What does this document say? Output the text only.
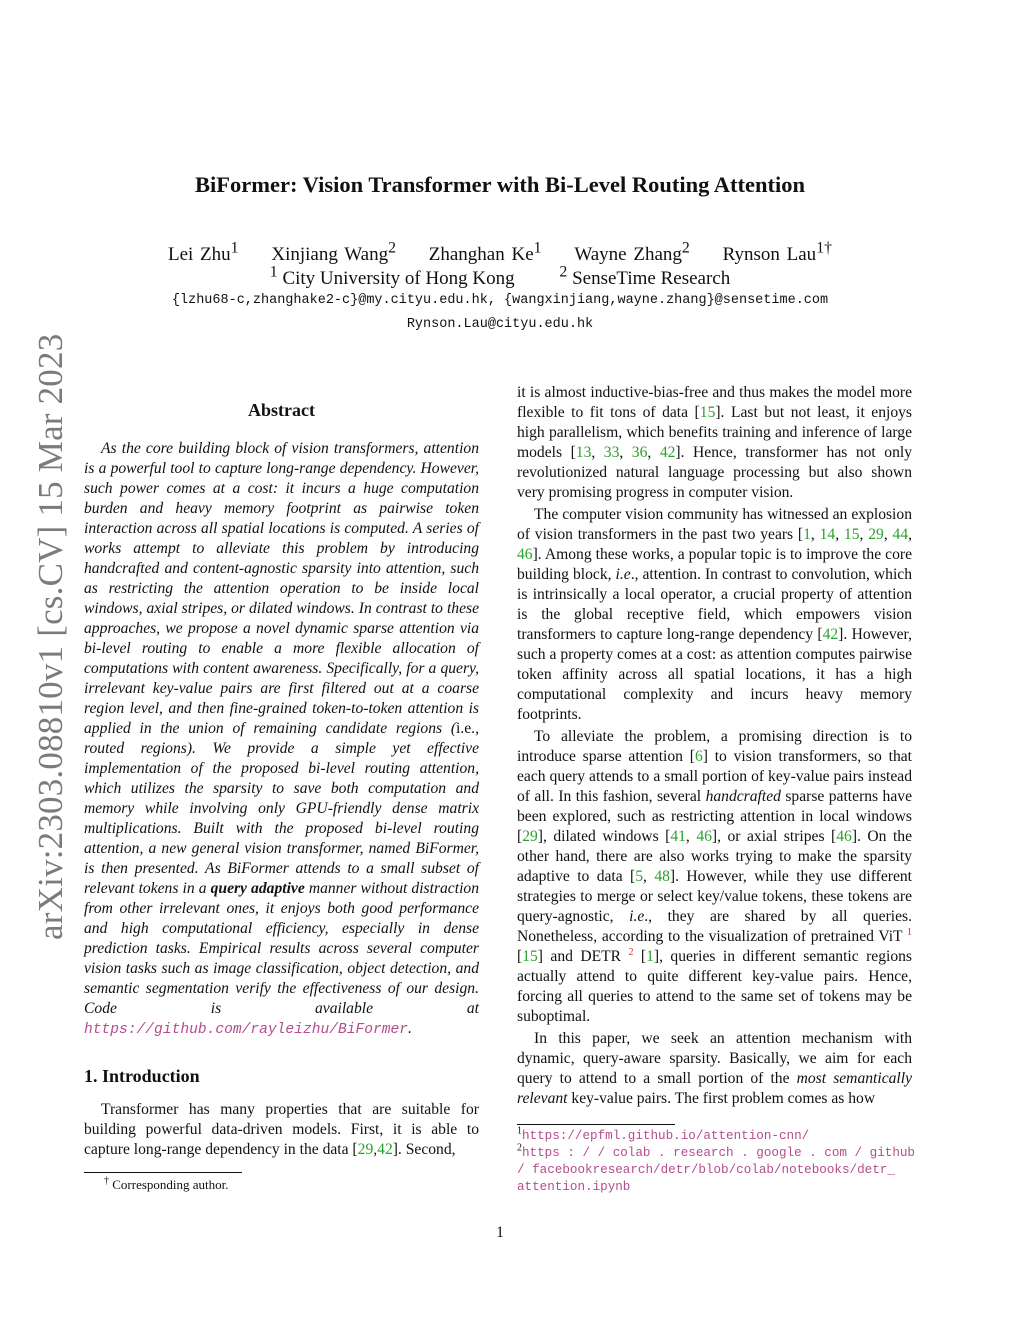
arXiv:2303.08810v1 [cs.CV] 15 Mar 2023
BiFormer: Vision Transformer with Bi-Level Routing Attention
Lei Zhu$^1$ Xinjiang Wang$^2$ Zhanghan Ke$^1$ Wayne Zhang$^2$ Rynson Lau$^{1\dagger}$
$^1$ City University of Hong Kong	$^2$ SenseTime Research
{lzhu68-c,zhanghake2-c}@my.cityu.edu.hk, {wangxinjiang,wayne.zhang}@sensetime.com
Rynson.Lau@cityu.edu.hk
Abstract

As the core building block of vision transformers, attention is a powerful tool to capture long-range dependency. However, such power comes at a cost: it incurs a huge computation burden and heavy memory footprint as pairwise token interaction across all spatial locations is computed. A series of works attempt to alleviate this problem by introducing handcrafted and content-agnostic sparsity into attention, such as restricting the attention operation to be inside local windows, axial stripes, or dilated windows. In contrast to these approaches, we propose a novel dynamic sparse attention via bi-level routing to enable a more flexible allocation of computations with content awareness. Specifically, for a query, irrelevant key-value pairs are first filtered out at a coarse region level, and then fine-grained token-to-token attention is applied in the union of remaining candidate regions (i.e., routed regions). We provide a simple yet effective implementation of the proposed bi-level routing attention, which utilizes the sparsity to save both computation and memory while involving only GPU-friendly dense matrix multiplications. Built with the proposed bi-level routing attention, a new general vision transformer, named BiFormer, is then presented. As BiFormer attends to a small subset of relevant tokens in a query adaptive manner without distraction from other irrelevant ones, it enjoys both good performance and high computational efficiency, especially in dense prediction tasks. Empirical results across several computer vision tasks such as image classification, object detection, and semantic segmentation verify the effectiveness of our design. Code is available at https://github.com/rayleizhu/BiFormer.

1. Introduction

Transformer has many properties that are suitable for building powerful data-driven models. First, it is able to capture long-range dependency in the data [29,42]. Second,

† Corresponding author.

it is almost inductive-bias-free and thus makes the model more flexible to fit tons of data [15]. Last but not least, it enjoys high parallelism, which benefits training and inference of large models [13, 33, 36, 42]. Hence, transformer has not only revolutionized natural language processing but also shown very promising progress in computer vision.

The computer vision community has witnessed an explosion of vision transformers in the past two years [1, 14, 15, 29, 44, 46]. Among these works, a popular topic is to improve the core building block, i.e., attention. In contrast to convolution, which is intrinsically a local operator, a crucial property of attention is the global receptive field, which empowers vision transformers to capture long-range dependency [42]. However, such a property comes at a cost: as attention computes pairwise token affinity across all spatial locations, it has a high computational complexity and incurs heavy memory footprints.

To alleviate the problem, a promising direction is to introduce sparse attention [6] to vision transformers, so that each query attends to a small portion of key-value pairs instead of all. In this fashion, several handcrafted sparse patterns have been explored, such as restricting attention in local windows [29], dilated windows [41, 46], or axial stripes [46]. On the other hand, there are also works trying to make the sparsity adaptive to data [5, 48]. However, while they use different strategies to merge or select key/value tokens, these tokens are query-agnostic, i.e., they are shared by all queries. Nonetheless, according to the visualization of pretrained ViT $^1$ [15] and DETR $^2$ [1], queries in different semantic regions actually attend to quite different key-value pairs. Hence, forcing all queries to attend to the same set of tokens may be suboptimal.

In this paper, we seek an attention mechanism with dynamic, query-aware sparsity. Basically, we aim for each query to attend to a small portion of the most semantically relevant key-value pairs. The first problem comes as how

$^1$https://epfml.github.io/attention-cnn/
$^2$https : / / colab . research . google . com / github / facebookresearch/detr/blob/colab/notebooks/detr_ attention.ipynb
1
